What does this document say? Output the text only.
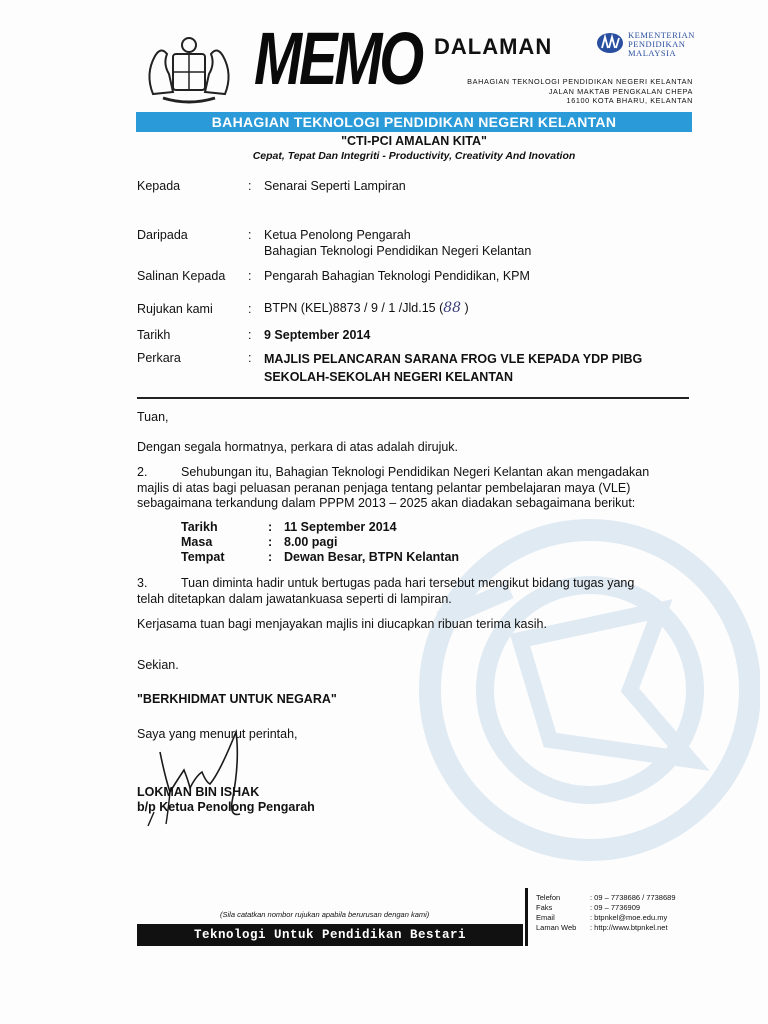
MEMO DALAMAN	KEMENTERIAN
PENDIDIKAN
MALAYSIA
BAHAGIAN TEKNOLOGI PENDIDIKAN NEGERI KELANTAN
JALAN MAKTAB PENGKALAN CHEPA
16100 KOTA BHARU, KELANTAN
BAHAGIAN TEKNOLOGI PENDIDIKAN NEGERI KELANTAN
"CTI-PCI AMALAN KITA"
Cepat, Tepat Dan Integriti - Productivity, Creativity And Inovation
Kepada	: Senarai Seperti Lampiran
Daripada	: Ketua Penolong Pengarah
Bahagian Teknologi Pendidikan Negeri Kelantan
Salinan Kepada : Pengarah Bahagian Teknologi Pendidikan, KPM
Rujukan kami	: BTPN (KEL)8873 / 9 / 1 /Jld.15 (88 )
Tarikh	: 9 September 2014
Perkara	: MAJLIS PELANCARAN SARANA FROG VLE KEPADA YDP PIBG
SEKOLAH-SEKOLAH NEGERI KELANTAN
Tuan,
Dengan segala hormatnya, perkara di atas adalah dirujuk.
2.	Sehubungan itu, Bahagian Teknologi Pendidikan Negeri Kelantan akan mengadakan
majlis di atas bagi peluasan peranan penjaga tentang pelantar pembelajaran maya (VLE)
sebagaimana terkandung dalam PPPM 2013 – 2025 akan diadakan sebagaimana berikut:
Tarikh	: 11 September 2014
Masa	: 8.00 pagi
Tempat	: Dewan Besar, BTPN Kelantan
3.	Tuan diminta hadir untuk bertugas pada hari tersebut mengikut bidang tugas yang
telah ditetapkan dalam jawatankuasa seperti di lampiran.
Kerjasama tuan bagi menjayakan majlis ini diucapkan ribuan terima kasih.
Sekian.
"BERKHIDMAT UNTUK NEGARA"
Saya yang menurut perintah,
LOKMAN BIN ISHAK
b/p Ketua Penolong Pengarah
(Sila catatkan nombor rujukan apabila berurusan dengan kami)
Teknologi Untuk Pendidikan Bestari
Telefon	: 09 – 7738686 / 7738689
Faks	: 09 – 7736909
Email	: btpnkel@moe.edu.my
Laman Web : http://www.btpnkel.net
